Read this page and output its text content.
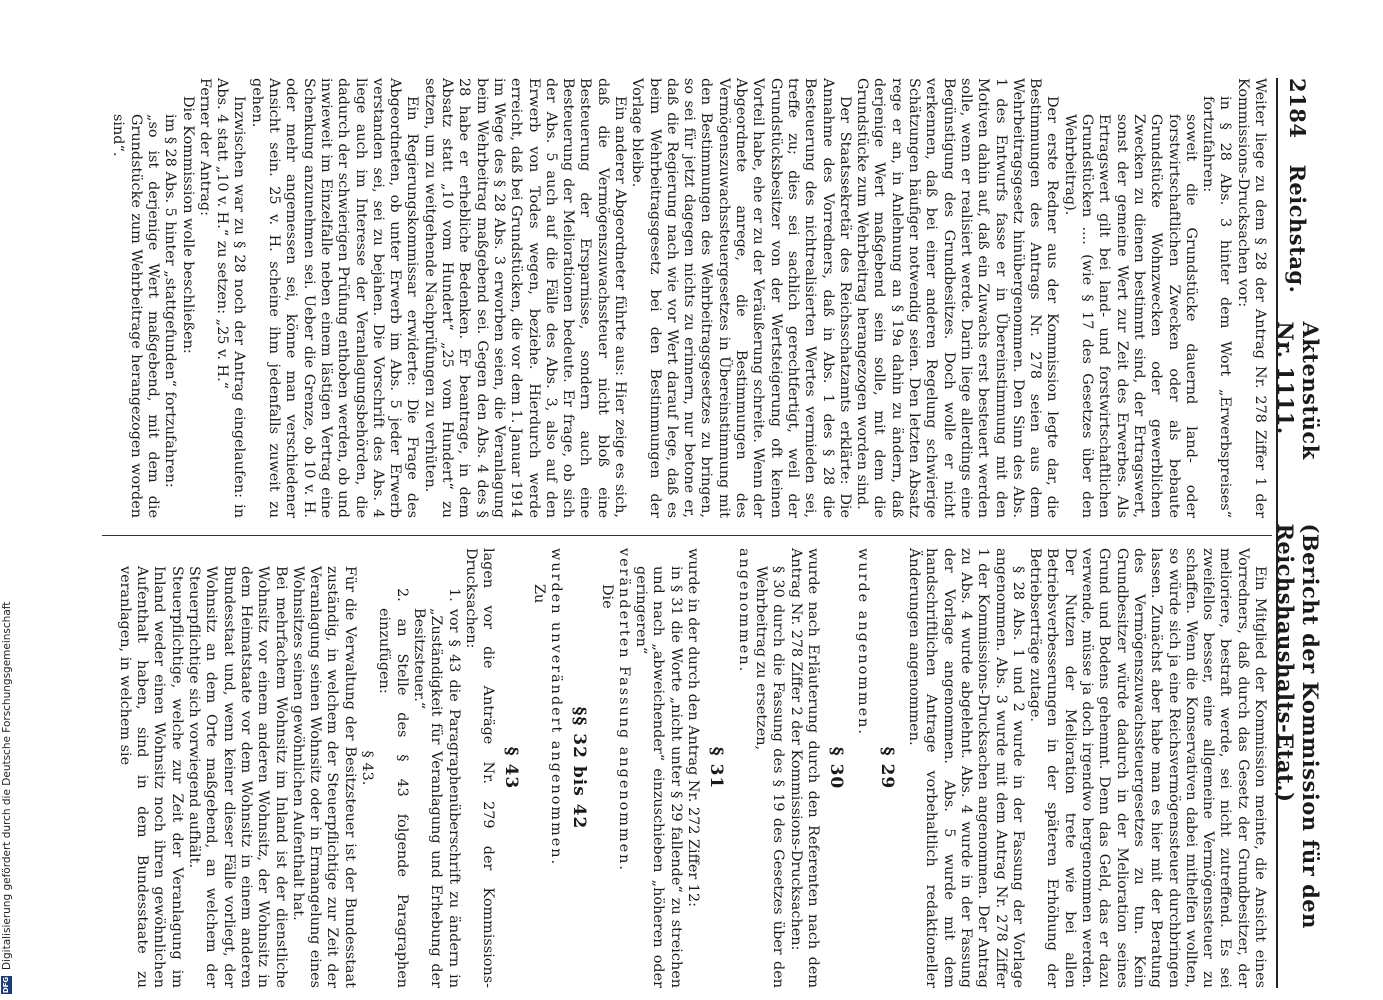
2184
Reichstag.
Aktenstück Nr. 1111.
(Bericht der Kommission für den Reichshaushalts-Etat.)

Weiter liege zu dem § 28 der Antrag Nr. 278 Ziffer 1 der Kommissions-Drucksachen vor:

in § 28 Abs. 3 hinter dem Wort „Erwerbspreises“ fortzufahren:

soweit die Grundstücke dauernd land- oder forstwirtschaftlichen Zwecken oder als bebaute Grundstücke Wohnzwecken oder gewerblichen Zwecken zu dienen bestimmt sind, der Ertragswert, sonst der gemeine Wert zur Zeit des Erwerbes. Als Ertragswert gilt bei land- und forstwirtschaftlichen Grundstücken .... (wie § 17 des Gesetzes über den Wehrbeitrag).

Der erste Redner aus der Kommission legte dar, die Bestimmungen des Antrags Nr. 278 seien aus dem Wehrbeitragsgesetz hinübergenommen. Den Sinn des Abs. 1 des Entwurfs fasse er in Übereinstimmung mit den Motiven dahin auf, daß ein Zuwachs erst besteuert werden solle, wenn er realisiert werde. Darin liege allerdings eine Begünstigung des Grundbesitzes. Doch wolle er nicht verkennen, daß bei einer anderen Regelung schwierige Schätzungen häufiger notwendig seien. Den letzten Absatz rege er an, in Anlehnung an § 19a dahin zu ändern, daß derjenige Wert maßgebend sein solle, mit dem die Grundstücke zum Wehrbeitrag herangezogen worden sind.

Der Staatssekretär des Reichsschatzamts erklärte: Die Annahme des Vorredners, daß in Abs. 1 des § 28 die Besteuerung des nichtrealisierten Wertes vermieden sei, treffe zu; dies sei sachlich gerechtfertigt, weil der Grundstücksbesitzer von der Wertsteigerung oft keinen Vorteil habe, ehe er zu der Veräußerung schreite. Wenn der Abgeordnete anrege, die Bestimmungen des Vermögenszuwachssteuergesetzes in Übereinstimmung mit den Bestimmungen des Wehrbeitragsgesetzes zu bringen, so sei für jetzt dagegen nichts zu erinnern, nur betone er, daß die Regierung nach wie vor Wert darauf lege, daß es beim Wehrbeitragsgesetz bei den Bestimmungen der Vorlage bleibe.

Ein anderer Abgeordneter führte aus: Hier zeige es sich, daß die Vermögenszuwachssteuer nicht bloß eine Besteuerung der Ersparnisse, sondern auch eine Besteuerung der Meliorationen bedeute. Er frage, ob sich der Abs. 5 auch auf die Fälle des Abs. 3, also auf den Erwerb von Todes wegen, beziehe. Hierdurch werde erreicht, daß bei Grundstücken, die vor dem 1. Januar 1914 im Wege des § 28 Abs. 3 erworben seien, die Veranlagung beim Wehrbeitrag maßgebend sei. Gegen den Abs. 4 des § 28 habe er erhebliche Bedenken. Er beantrage, in dem Absatz statt „10 vom Hundert“ „25 vom Hundert“ zu setzen, um zu weitgehende Nachprüfungen zu verhüten.

Ein Regierungskommissar erwiderte: Die Frage des Abgeordneten, ob unter Erwerb im Abs. 5 jeder Erwerb verstanden sei, sei zu bejahen. Die Vorschrift des Abs. 4 liege auch im Interesse der Veranlagungsbehörden, die dadurch der schwierigen Prüfung enthoben werden, ob und inwieweit im Einzelfalle neben einem lästigen Vertrag eine Schenkung anzunehmen sei. Ueber die Grenze, ob 10 v. H. oder mehr angemessen sei, könne man verschiedener Ansicht sein. 25 v. H. scheine ihm jedenfalls zuweit zu gehen.

Inzwischen war zu § 28 noch der Antrag eingelaufen: in Abs. 4 statt „10 v. H.“ zu setzen: „25 v. H.“

Ferner der Antrag:

Die Kommission wolle beschließen:

im § 28 Abs. 5 hinter „stattgefunden“ fortzufahren:

„so ist derjenige Wert maßgebend, mit dem die Grundstücke zum Wehrbeitrage herangezogen worden sind“.

Ein Mitglied der Kommission meinte, die Ansicht eines Vorredners, daß durch das Gesetz der Grundbesitzer, der melioriere, bestraft werde, sei nicht zutreffend. Es sei zweifellos besser, eine allgemeine Vermögenssteuer zu schaffen. Wenn die Konservativen dabei mithelfen wollten, so würde sich ja eine Reichsvermögenssteuer durchbringen lassen. Zunächst aber habe man es hier mit der Beratung des Vermögenszuwachssteuergesetzes zu tun. Kein Grundbesitzer würde dadurch in der Melioration seines Grund und Bodens gehemmt. Denn das Geld, das er dazu verwende, müsse ja doch irgendwo hergenommen werden. Der Nutzen der Melioration trete wie bei allen Betriebsverbesserungen in der späteren Erhöhung der Betriebserträge zutage.

§ 28 Abs. 1 und 2 wurde in der Fassung der Vorlage angenommen. Abs. 3 wurde mit dem Antrag Nr. 278 Ziffer 1 der Kommissions-Drucksachen angenommen. Der Antrag zu Abs. 4 wurde abgelehnt. Abs. 4 wurde in der Fassung der Vorlage angenommen. Abs. 5 wurde mit dem handschriftlichen Antrage vorbehaltlich redaktioneller Änderungen angenommen.

§ 29

wurde angenommen.

§ 30

wurde nach Erläuterung durch den Referenten nach dem Antrag Nr. 278 Ziffer 2 der Kommissions-Drucksachen:

§ 30 durch die Fassung des § 19 des Gesetzes über den Wehrbeitrag zu ersetzen,

angenommen.

§ 31

wurde in der durch den Antrag Nr. 272 Ziffer 12:

in § 31 die Worte „nicht unter § 29 fallende“ zu streichen und nach „abweichender“ einzuschieben „höheren oder geringeren“

veränderten Fassung angenommen.

Die

§§ 32 bis 42

wurden unverändert angenommen.

Zu

§ 43

lagen vor die Anträge Nr. 279 der Kommissions-Drucksachen:

1. vor § 43 die Paragraphenüberschrift zu ändern in „Zuständigkeit für Veranlagung und Erhebung der Besitzsteuer.“

2. an Stelle des § 43 folgende Paragraphen einzufügen:

§ 43.

Für die Verwaltung der Besitzsteuer ist der Bundesstaat zuständig, in welchem der Steuerpflichtige zur Zeit der Veranlagung seinen Wohnsitz oder in Ermangelung eines Wohnsitzes seinen gewöhnlichen Aufenthalt hat.

Bei mehrfachem Wohnsitz im Inland ist der dienstliche Wohnsitz vor einem anderen Wohnsitz, der Wohnsitz in dem Heimatstaate vor dem Wohnsitz in einem anderen Bundesstaat und, wenn keiner dieser Fälle vorliegt, der Wohnsitz an dem Orte maßgebend, an welchem der Steuerpflichtige sich vorwiegend aufhält.

Steuerpflichtige, welche zur Zeit der Veranlagung im Inland weder einen Wohnsitz noch ihren gewöhnlichen Aufenthalt haben, sind in dem Bundesstaate zu veranlagen, in welchem sie

DFG
Digitalisierung gefördert durch die Deutsche Forschungsgemeinschaft
